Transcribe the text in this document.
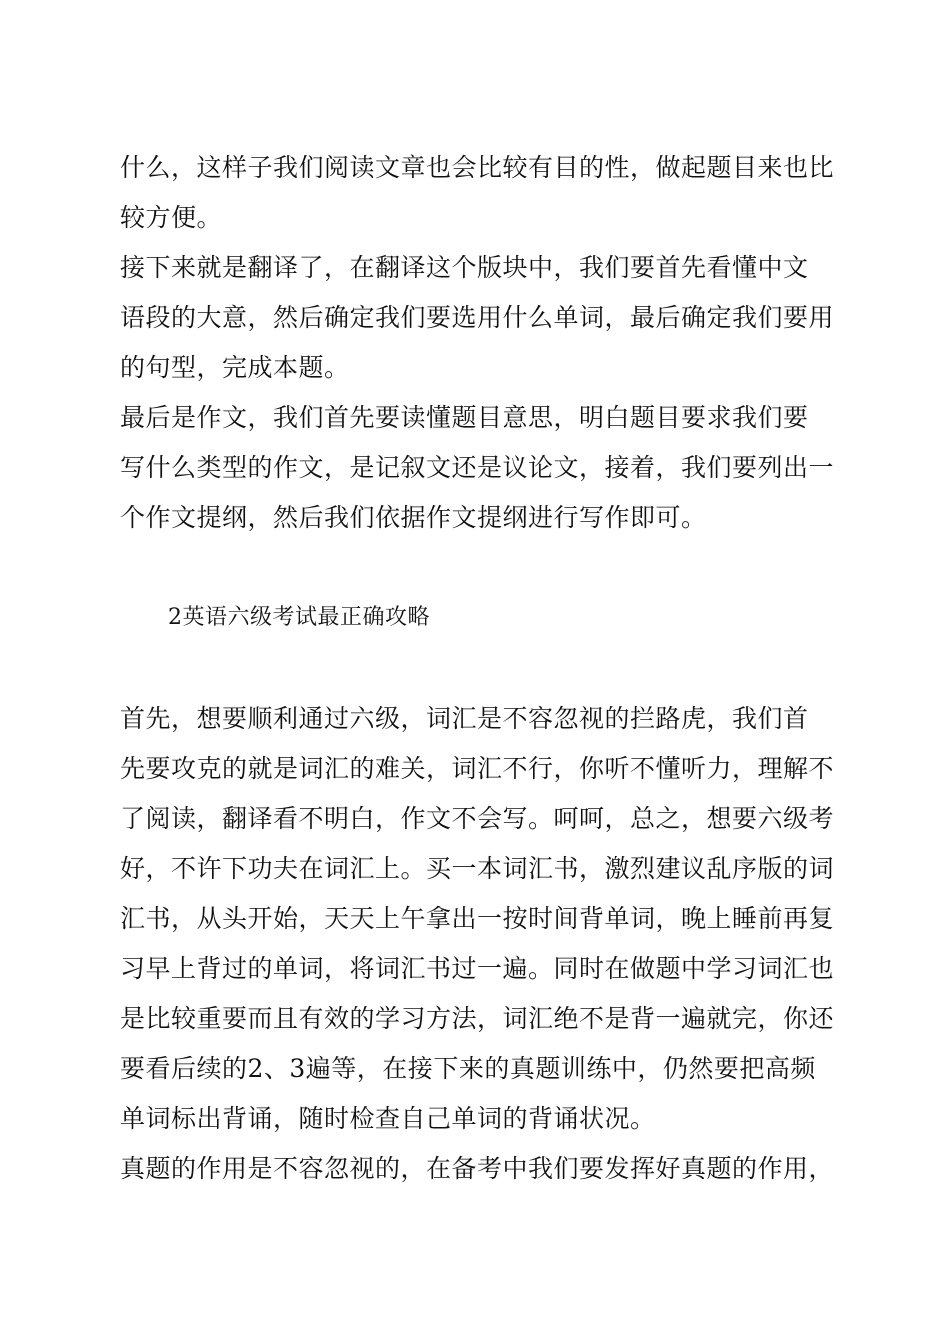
什么，这样子我们阅读文章也会比较有目的性，做起题目来也比
较方便。
接下来就是翻译了，在翻译这个版块中，我们要首先看懂中文
语段的大意，然后确定我们要选用什么单词，最后确定我们要用
的句型，完成本题。
最后是作文，我们首先要读懂题目意思，明白题目要求我们要
写什么类型的作文，是记叙文还是议论文，接着，我们要列出一
个作文提纲，然后我们依据作文提纲进行写作即可。
2英语六级考试最正确攻略
首先，想要顺利通过六级，词汇是不容忽视的拦路虎，我们首
先要攻克的就是词汇的难关，词汇不行，你听不懂听力，理解不
了阅读，翻译看不明白，作文不会写。呵呵，总之，想要六级考
好，不许下功夫在词汇上。买一本词汇书，激烈建议乱序版的词
汇书，从头开始，天天上午拿出一按时间背单词，晚上睡前再复
习早上背过的单词，将词汇书过一遍。同时在做题中学习词汇也
是比较重要而且有效的学习方法，词汇绝不是背一遍就完，你还
要看后续的2、3遍等，在接下来的真题训练中，仍然要把高频
单词标出背诵，随时检查自己单词的背诵状况。
真题的作用是不容忽视的，在备考中我们要发挥好真题的作用，
